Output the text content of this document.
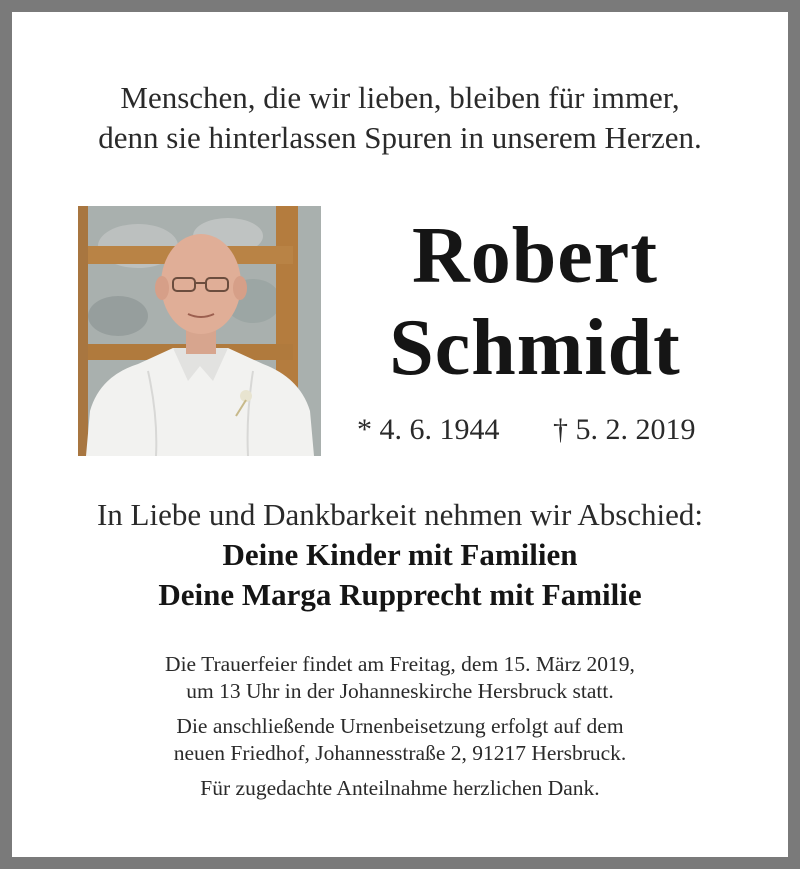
Menschen, die wir lieben, bleiben für immer,
denn sie hinterlassen Spuren in unserem Herzen.
Robert
Schmidt
* 4. 6. 1944 † 5. 2. 2019
In Liebe und Dankbarkeit nehmen wir Abschied:
Deine Kinder mit Familien
Deine Marga Rupprecht mit Familie
Die Trauerfeier findet am Freitag, dem 15. März 2019,
um 13 Uhr in der Johanneskirche Hersbruck statt.
Die anschließende Urnenbeisetzung erfolgt auf dem
neuen Friedhof, Johannesstraße 2, 91217 Hersbruck.
Für zugedachte Anteilnahme herzlichen Dank.
